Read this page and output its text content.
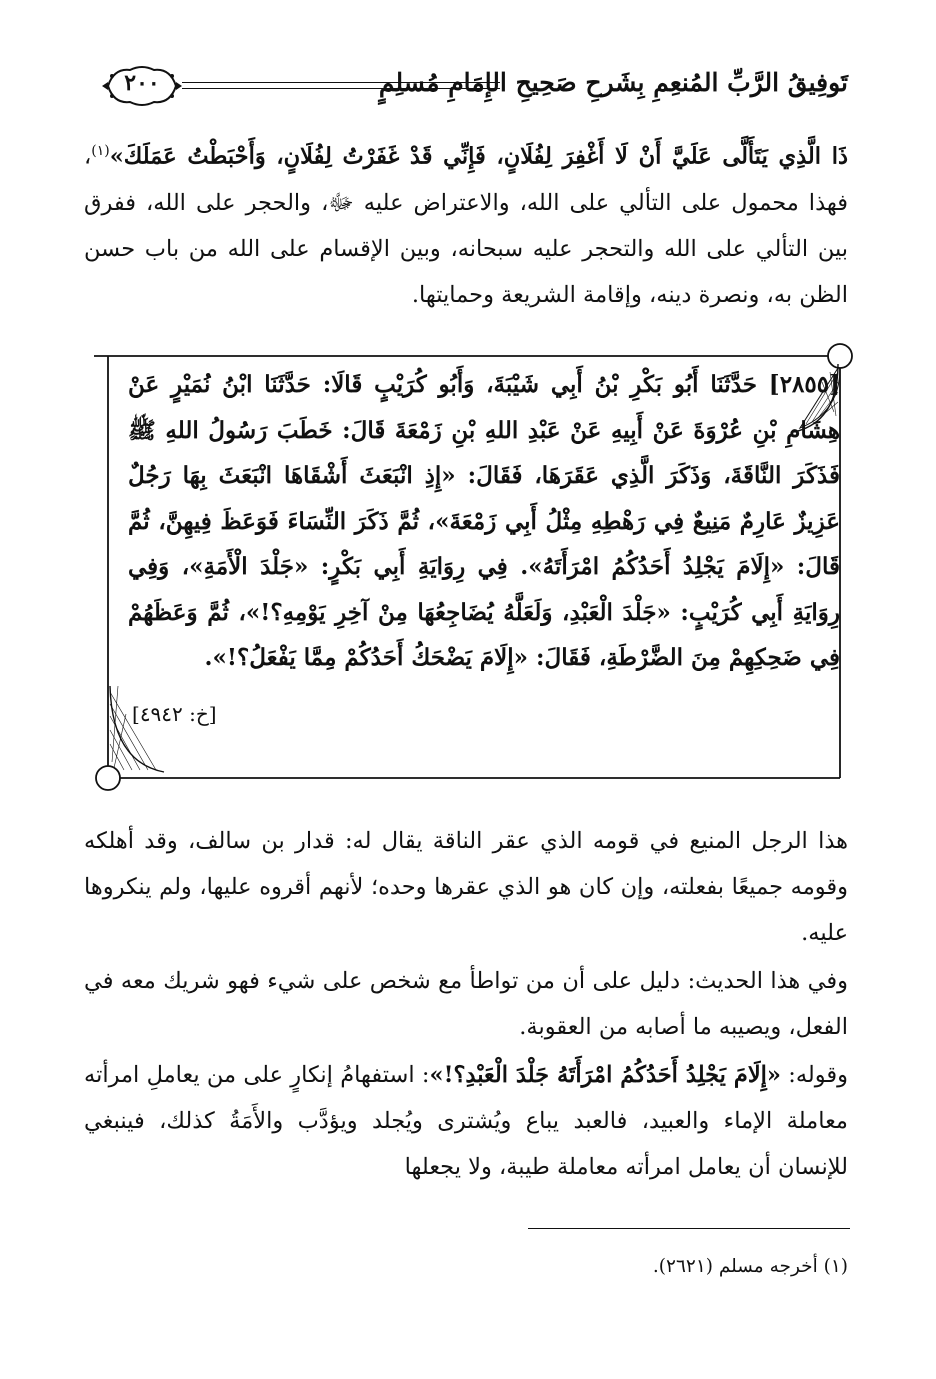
٢٠٠	تَوفِيقُ الرَّبِّ المُنعِمِ بِشَرحِ صَحِيحِ الإِمَامِ مُسلِمٍ
ذَا الَّذِي يَتَأَلَّى عَلَيَّ أَنْ لَا أَغْفِرَ لِفُلَانٍ، فَإِنِّي قَدْ غَفَرْتُ لِفُلَانٍ، وَأَحْبَطْتُ عَمَلَكَ»$^{(١)}$، فهذا محمول على التألي على الله، والاعتراض عليه ﷻ، والحجر على الله، ففرق بين التألي على الله والتحجر عليه سبحانه، وبين الإقسام على الله من باب حسن الظن به، ونصرة دينه، وإقامة الشريعة وحمايتها.
[٢٨٥٥] حَدَّثَنَا أَبُو بَكْرِ بْنُ أَبِي شَيْبَةَ، وَأَبُو كُرَيْبٍ قَالَا: حَدَّثَنَا ابْنُ نُمَيْرٍ عَنْ هِشَامِ بْنِ عُرْوَةَ عَنْ أَبِيهِ عَنْ عَبْدِ اللهِ بْنِ زَمْعَةَ قَالَ: خَطَبَ رَسُولُ اللهِ ﷺ فَذَكَرَ النَّاقَةَ، وَذَكَرَ الَّذِي عَقَرَهَا، فَقَالَ: «إِذِ انْبَعَثَ أَشْقَاهَا انْبَعَثَ بِهَا رَجُلٌ عَزِيزٌ عَارِمٌ مَنِيعٌ فِي رَهْطِهِ مِثْلُ أَبِي زَمْعَةَ»، ثُمَّ ذَكَرَ النِّسَاءَ فَوَعَظَ فِيهِنَّ، ثُمَّ قَالَ: «إِلَامَ يَجْلِدُ أَحَدُكُمُ امْرَأَتَهُ». فِي رِوَايَةِ أَبِي بَكْرٍ: «جَلْدَ الْأَمَةِ»، وَفِي رِوَايَةِ أَبِي كُرَيْبٍ: «جَلْدَ الْعَبْدِ، وَلَعَلَّهُ يُضَاجِعُهَا مِنْ آخِرِ يَوْمِهِ؟!»، ثُمَّ وَعَظَهُمْ فِي ضَحِكِهِمْ مِنَ الضَّرْطَةِ، فَقَالَ: «إِلَامَ يَضْحَكُ أَحَدُكُمْ مِمَّا يَفْعَلُ؟!».
[خ: ٤٩٤٢]
هذا الرجل المنيع في قومه الذي عقر الناقة يقال له: قدار بن سالف، وقد أهلكه وقومه جميعًا بفعلته، وإن كان هو الذي عقرها وحده؛ لأنهم أقروه عليها، ولم ينكروها عليه.
وفي هذا الحديث: دليل على أن من تواطأ مع شخص على شيء فهو شريك معه في الفعل، ويصيبه ما أصابه من العقوبة.
وقوله: «إِلَامَ يَجْلِدُ أَحَدُكُمُ امْرَأَتَهُ جَلْدَ الْعَبْدِ؟!»: استفهامُ إنكارٍ على من يعاملِ امرأته معاملة الإماء والعبيد، فالعبد يباع ويُشترى ويُجلد ويؤدَّب والأَمَةُ كذلك، فينبغي للإنسان أن يعامل امرأته معاملة طيبة، ولا يجعلها
(١) أخرجه مسلم (٢٦٢١).
